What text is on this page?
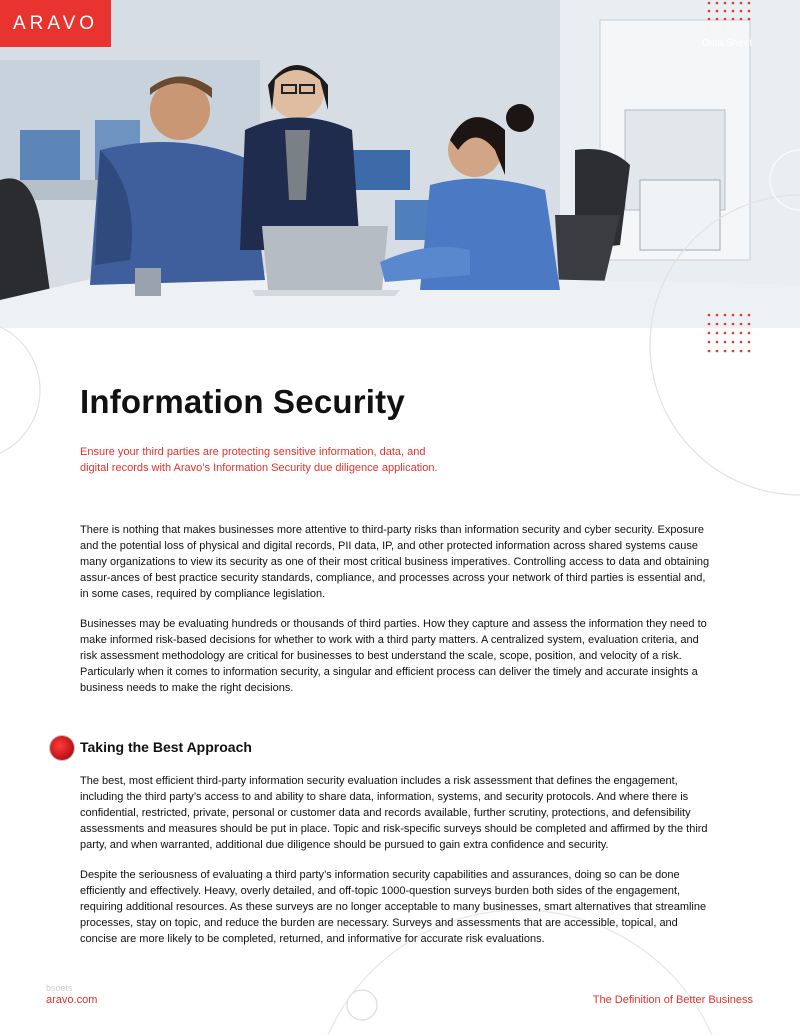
ARAVO
Data Sheet
Information Security
Ensure your third parties are protecting sensitive information, data, and digital records with Aravo’s Information Security due diligence application.

There is nothing that makes businesses more attentive to third-party risks than information security and cyber security. Exposure and the potential loss of physical and digital records, PII data, IP, and other protected information across shared systems cause many organizations to view its security as one of their most critical business imperatives. Controlling access to data and obtaining assur-ances of best practice security standards, compliance, and processes across your network of third parties is essential and, in some cases, required by compliance legislation.

Businesses may be evaluating hundreds or thousands of third parties. How they capture and assess the information they need to make informed risk-based decisions for whether to work with a third party matters. A centralized system, evaluation criteria, and risk assessment methodology are critical for businesses to best understand the scale, scope, position, and velocity of a risk. Particularly when it comes to information security, a singular and efficient process can deliver the timely and accurate insights a business needs to make the right decisions.

Taking the Best Approach

The best, most efficient third-party information security evaluation includes a risk assessment that defines the engagement, including the third party’s access to and ability to share data, information, systems, and security protocols. And where there is confidential, restricted, private, personal or customer data and records available, further scrutiny, protections, and defensibility assessments and measures should be put in place. Topic and risk-specific surveys should be completed and affirmed by the third party, and when warranted, additional due diligence should be pursued to gain extra confidence and security.

Despite the seriousness of evaluating a third party’s information security capabilities and assurances, doing so can be done efficiently and effectively. Heavy, overly detailed, and off-topic 1000-question surveys burden both sides of the engagement, requiring additional resources. As these surveys are no longer acceptable to many businesses, smart alternatives that streamline processes, stay on topic, and reduce the burden are necessary. Surveys and assessments that are accessible, topical, and concise are more likely to be completed, returned, and informative for accurate risk evaluations.

bsoets
aravo.com	The Definition of Better Business
